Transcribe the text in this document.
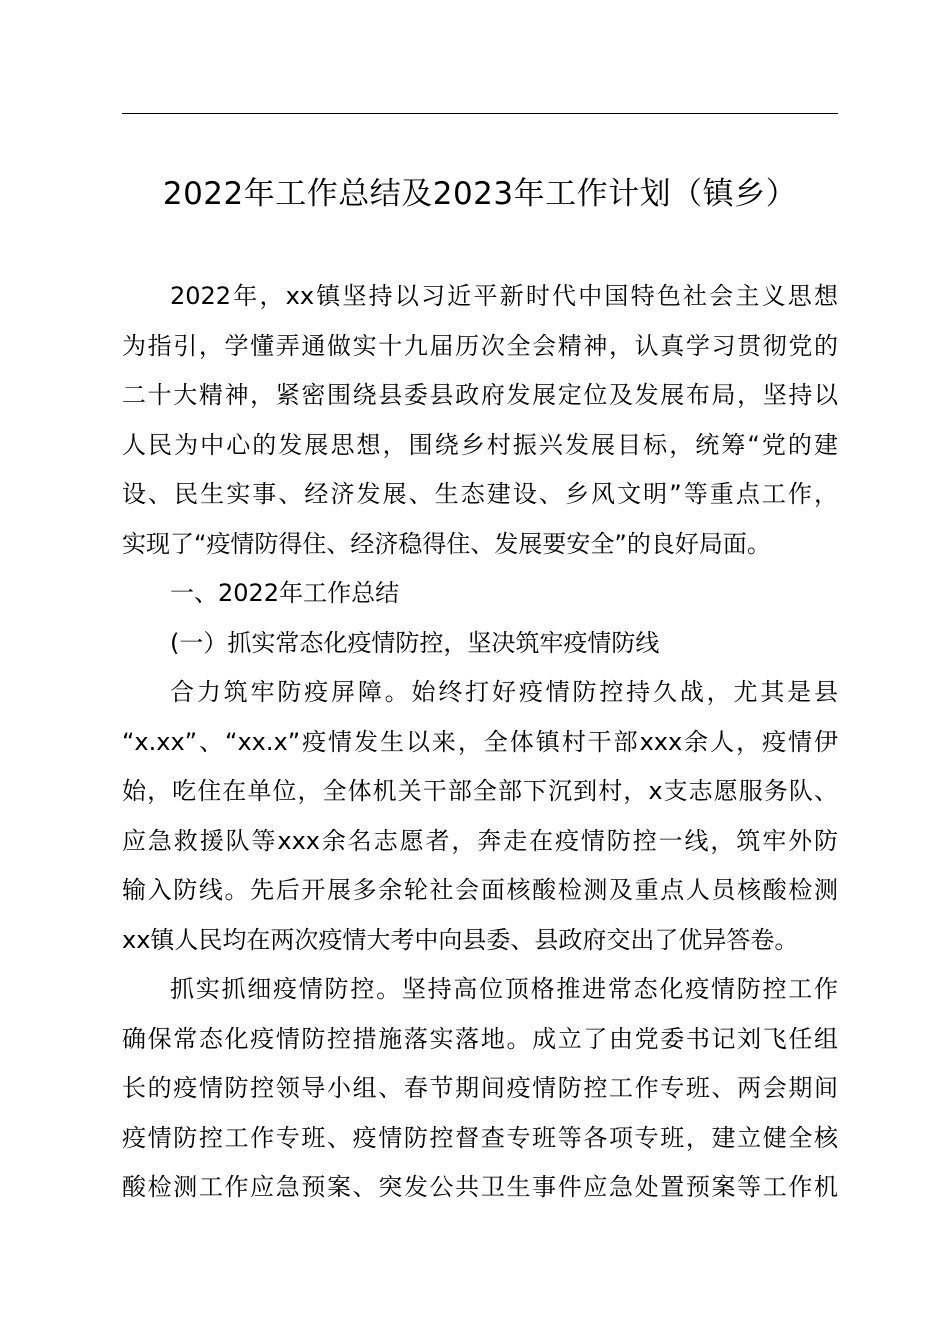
2022年工作总结及2023年工作计划（镇乡）
2022年，xx镇坚持以习近平新时代中国特色社会主义思想
为指引，学懂弄通做实十九届历次全会精神，认真学习贯彻党的
二十大精神，紧密围绕县委县政府发展定位及发展布局，坚持以
人民为中心的发展思想，围绕乡村振兴发展目标，统筹“党的建
设、民生实事、经济发展、生态建设、乡风文明”等重点工作，
实现了“疫情防得住、经济稳得住、发展要安全”的良好局面。
一、2022年工作总结
(一）抓实常态化疫情防控，坚决筑牢疫情防线
合力筑牢防疫屏障。始终打好疫情防控持久战，尤其是县
“x.xx”、“xx.x”疫情发生以来，全体镇村干部xxx余人，疫情伊
始，吃住在单位，全体机关干部全部下沉到村，x支志愿服务队、
应急救援队等xxx余名志愿者，奔走在疫情防控一线，筑牢外防
输入防线。先后开展多余轮社会面核酸检测及重点人员核酸检测
xx镇人民均在两次疫情大考中向县委、县政府交出了优异答卷。
抓实抓细疫情防控。坚持高位顶格推进常态化疫情防控工作
确保常态化疫情防控措施落实落地。成立了由党委书记刘飞任组
长的疫情防控领导小组、春节期间疫情防控工作专班、两会期间
疫情防控工作专班、疫情防控督查专班等各项专班，建立健全核
酸检测工作应急预案、突发公共卫生事件应急处置预案等工作机
